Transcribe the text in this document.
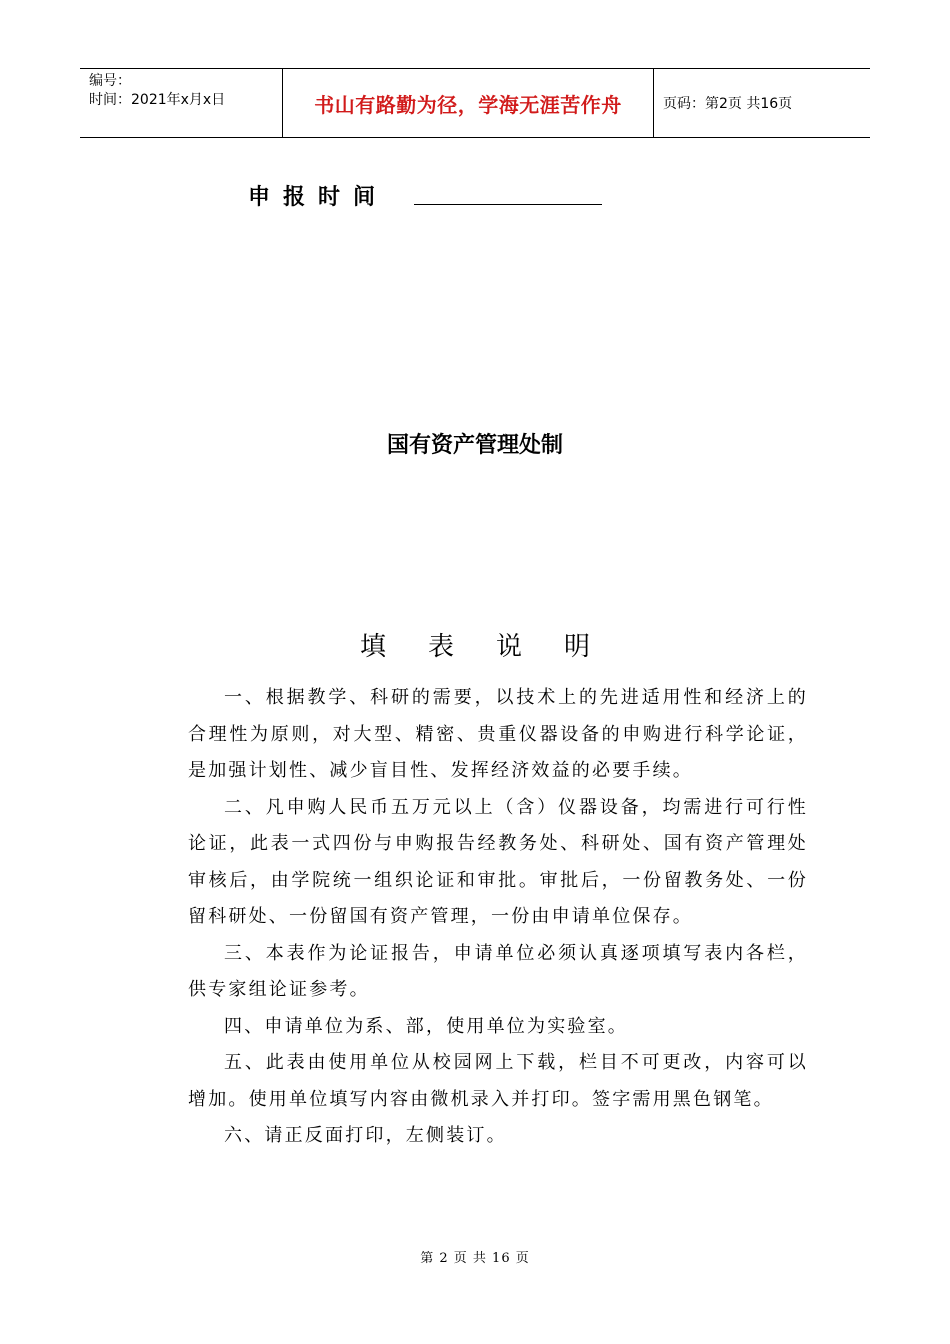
编号：
时间：2021年x月x日	书山有路勤为径，学海无涯苦作舟	页码：第2页 共16页
申报时间
国有资产管理处制
填表说明

一、根据教学、科研的需要，以技术上的先进适用性和经济上的合理性为原则，对大型、精密、贵重仪器设备的申购进行科学论证，是加强计划性、减少盲目性、发挥经济效益的必要手续。

二、凡申购人民币五万元以上（含）仪器设备，均需进行可行性论证，此表一式四份与申购报告经教务处、科研处、国有资产管理处审核后，由学院统一组织论证和审批。审批后，一份留教务处、一份留科研处、一份留国有资产管理，一份由申请单位保存。

三、本表作为论证报告，申请单位必须认真逐项填写表内各栏，供专家组论证参考。

四、申请单位为系、部，使用单位为实验室。

五、此表由使用单位从校园网上下载，栏目不可更改，内容可以增加。使用单位填写内容由微机录入并打印。签字需用黑色钢笔。

六、请正反面打印，左侧装订。

第 2 页 共 16 页
